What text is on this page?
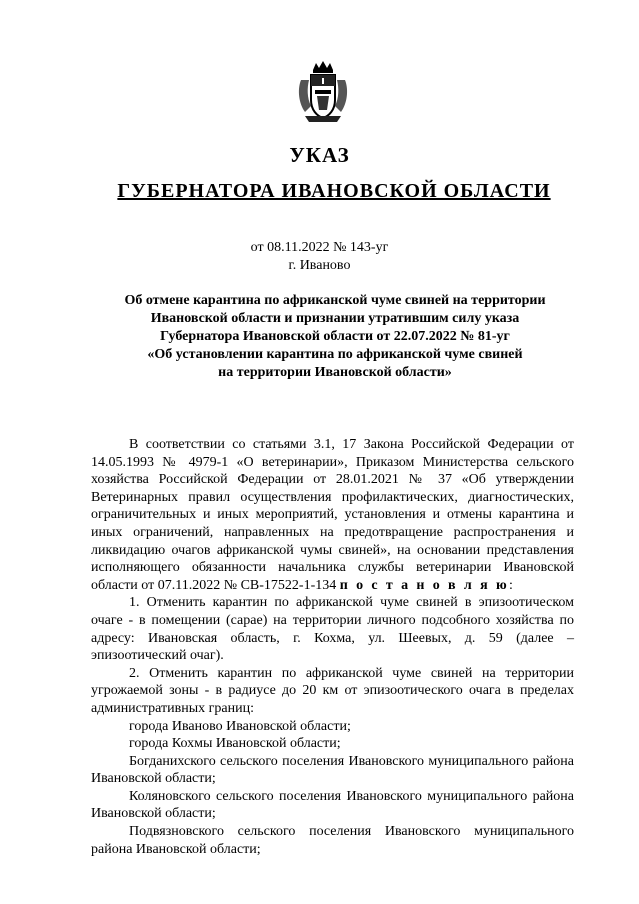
УКАЗ
ГУБЕРНАТОРА ИВАНОВСКОЙ ОБЛАСТИ
от 08.11.2022 № 143-уг
г. Иваново
Об отмене карантина по африканской чуме свиней на территории
Ивановской области и признании утратившим силу указа
Губернатора Ивановской области от 22.07.2022 № 81-уг
«Об установлении карантина по африканской чуме свиней
на территории Ивановской области»

В соответствии со статьями 3.1, 17 Закона Российской Федерации от 14.05.1993 № 4979-1 «О ветеринарии», Приказом Министерства сельского хозяйства Российской Федерации от 28.01.2021 № 37 «Об утверждении Ветеринарных правил осуществления профилактических, диагностических, ограничительных и иных мероприятий, установления и отмены карантина и иных ограничений, направленных на предотвращение распространения и ликвидацию очагов африканской чумы свиней», на основании представления исполняющего обязанности начальника службы ветеринарии Ивановской области от 07.11.2022 № СВ-17522-1-134 п о с т а н о в л я ю:

1. Отменить карантин по африканской чуме свиней в эпизоотическом очаге - в помещении (сарае) на территории личного подсобного хозяйства по адресу: Ивановская область, г. Кохма, ул. Шеевых, д. 59 (далее – эпизоотический очаг).

2. Отменить карантин по африканской чуме свиней на территории угрожаемой зоны - в радиусе до 20 км от эпизоотического очага в пределах административных границ:

города Иваново Ивановской области;

города Кохмы Ивановской области;

Богданихского сельского поселения Ивановского муниципального района Ивановской области;

Коляновского сельского поселения Ивановского муниципального района Ивановской области;

Подвязновского сельского поселения Ивановского муниципального района Ивановской области;
